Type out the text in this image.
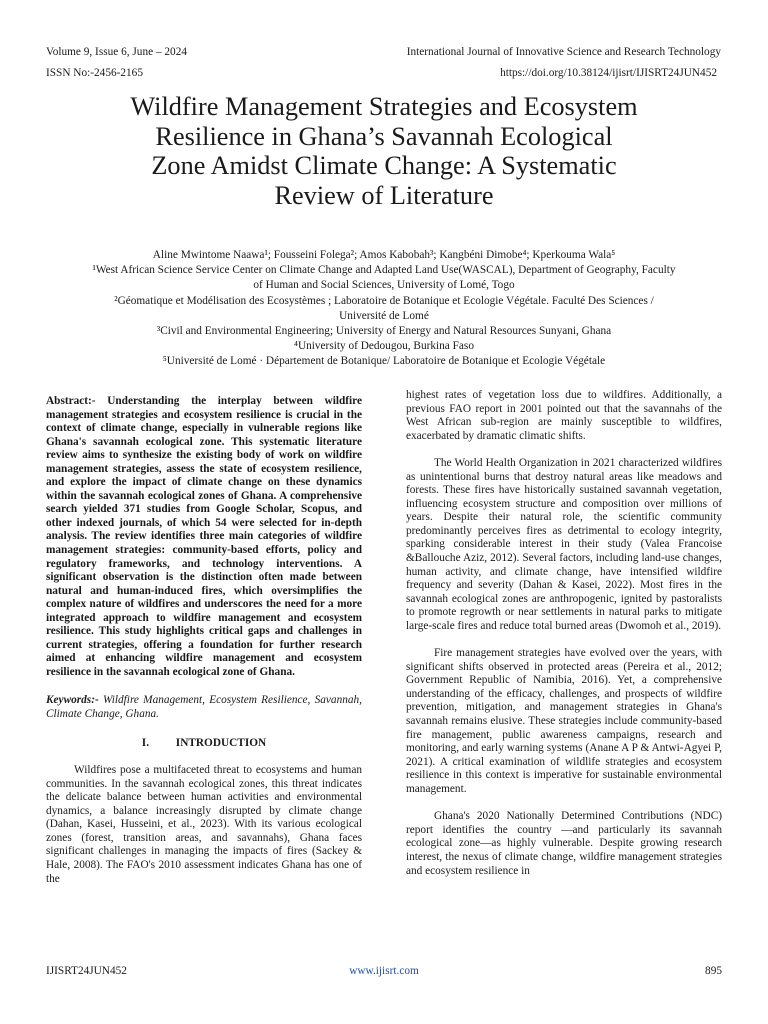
Volume 9, Issue 6, June – 2024	International Journal of Innovative Science and Research Technology
ISSN No:-2456-2165	https://doi.org/10.38124/ijisrt/IJISRT24JUN452
Wildfire Management Strategies and Ecosystem
Resilience in Ghana’s Savannah Ecological
Zone Amidst Climate Change: A Systematic
Review of Literature
Aline Mwintome Naawa¹; Fousseini Folega²; Amos Kabobah³; Kangbéni Dimobe⁴; Kperkouma Wala⁵
¹West African Science Service Center on Climate Change and Adapted Land Use(WASCAL), Department of Geography, Faculty
of Human and Social Sciences, University of Lomé, Togo
²Géomatique et Modélisation des Ecosystèmes ; Laboratoire de Botanique et Ecologie Végétale. Faculté Des Sciences /
Université de Lomé
³Civil and Environmental Engineering; University of Energy and Natural Resources Sunyani, Ghana
⁴University of Dedougou, Burkina Faso
⁵Université de Lomé · Département de Botanique/ Laboratoire de Botanique et Ecologie Végétale

Abstract:- Understanding the interplay between wildfire management strategies and ecosystem resilience is crucial in the context of climate change, especially in vulnerable regions like Ghana's savannah ecological zone. This systematic literature review aims to synthesize the existing body of work on wildfire management strategies, assess the state of ecosystem resilience, and explore the impact of climate change on these dynamics within the savannah ecological zones of Ghana. A comprehensive search yielded 371 studies from Google Scholar, Scopus, and other indexed journals, of which 54 were selected for in-depth analysis. The review identifies three main categories of wildfire management strategies: community-based efforts, policy and regulatory frameworks, and technology interventions. A significant observation is the distinction often made between natural and human-induced fires, which oversimplifies the complex nature of wildfires and underscores the need for a more integrated approach to wildfire management and ecosystem resilience. This study highlights critical gaps and challenges in current strategies, offering a foundation for further research aimed at enhancing wildfire management and ecosystem resilience in the savannah ecological zone of Ghana.

Keywords:- Wildfire Management, Ecosystem Resilience, Savannah, Climate Change, Ghana.

I. INTRODUCTION

Wildfires pose a multifaceted threat to ecosystems and human communities. In the savannah ecological zones, this threat indicates the delicate balance between human activities and environmental dynamics, a balance increasingly disrupted by climate change (Dahan, Kasei, Husseini, et al., 2023). With its various ecological zones (forest, transition areas, and savannahs), Ghana faces significant challenges in managing the impacts of fires (Sackey & Hale, 2008). The FAO's 2010 assessment indicates Ghana has one of the

highest rates of vegetation loss due to wildfires. Additionally, a previous FAO report in 2001 pointed out that the savannahs of the West African sub-region are mainly susceptible to wildfires, exacerbated by dramatic climatic shifts.

The World Health Organization in 2021 characterized wildfires as unintentional burns that destroy natural areas like meadows and forests. These fires have historically sustained savannah vegetation, influencing ecosystem structure and composition over millions of years. Despite their natural role, the scientific community predominantly perceives fires as detrimental to ecology integrity, sparking considerable interest in their study (Valea Francoise &Ballouche Aziz, 2012). Several factors, including land-use changes, human activity, and climate change, have intensified wildfire frequency and severity (Dahan & Kasei, 2022). Most fires in the savannah ecological zones are anthropogenic, ignited by pastoralists to promote regrowth or near settlements in natural parks to mitigate large-scale fires and reduce total burned areas (Dwomoh et al., 2019).

Fire management strategies have evolved over the years, with significant shifts observed in protected areas (Pereira et al., 2012; Government Republic of Namibia, 2016). Yet, a comprehensive understanding of the efficacy, challenges, and prospects of wildfire prevention, mitigation, and management strategies in Ghana's savannah remains elusive. These strategies include community-based fire management, public awareness campaigns, research and monitoring, and early warning systems (Anane A P & Antwi-Agyei P, 2021). A critical examination of wildlife strategies and ecosystem resilience in this context is imperative for sustainable environmental management.

Ghana's 2020 Nationally Determined Contributions (NDC) report identifies the country —and particularly its savannah ecological zone—as highly vulnerable. Despite growing research interest, the nexus of climate change, wildfire management strategies and ecosystem resilience in

IJISRT24JUN452	www.ijisrt.com	895
